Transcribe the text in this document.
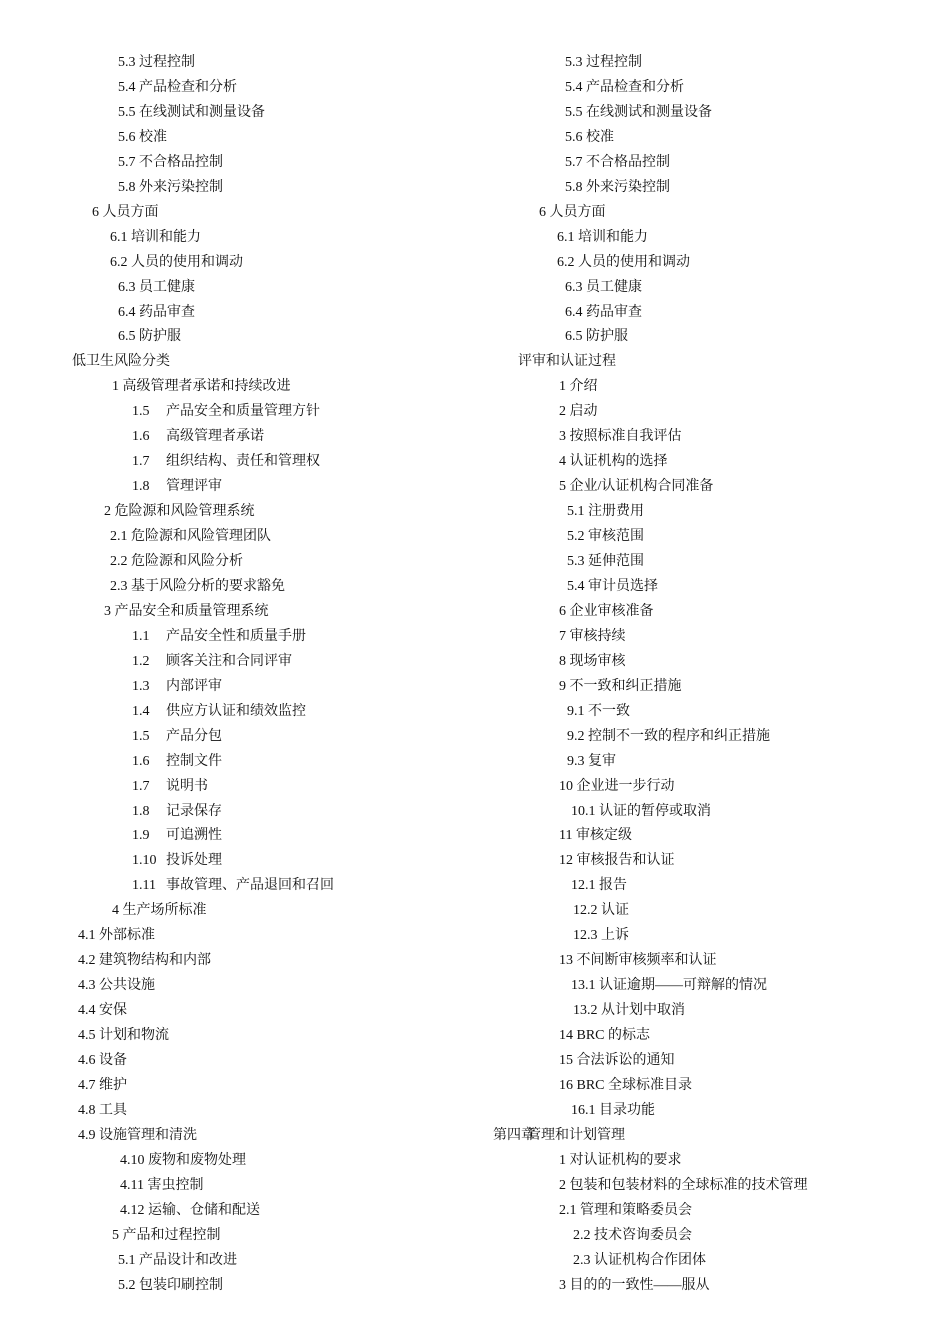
5.3 过程控制
5.4 产品检查和分析
5.5 在线测试和测量设备
5.6 校准
5.7 不合格品控制
5.8 外来污染控制
6 人员方面
6.1 培训和能力
6.2 人员的使用和调动
6.3 员工健康
6.4 药品审查
6.5 防护服
低卫生风险分类
1 高级管理者承诺和持续改进
1.5 产品安全和质量管理方针
1.6 高级管理者承诺
1.7 组织结构、责任和管理权
1.8 管理评审
2 危险源和风险管理系统
2.1 危险源和风险管理团队
2.2 危险源和风险分析
2.3 基于风险分析的要求豁免
3 产品安全和质量管理系统
1.1 产品安全性和质量手册
1.2 顾客关注和合同评审
1.3 内部评审
1.4 供应方认证和绩效监控
1.5 产品分包
1.6 控制文件
1.7 说明书
1.8 记录保存
1.9 可追溯性
1.10 投诉处理
1.11 事故管理、产品退回和召回
4 生产场所标准
4.1 外部标准
4.2 建筑物结构和内部
4.3 公共设施
4.4 安保
4.5 计划和物流
4.6 设备
4.7 维护
4.8 工具
4.9 设施管理和清洗
4.10 废物和废物处理
4.11 害虫控制
4.12 运输、仓储和配送
5 产品和过程控制
5.1 产品设计和改进
5.2 包装印刷控制
5.3 过程控制
5.4 产品检查和分析
5.5 在线测试和测量设备
5.6 校准
5.7 不合格品控制
5.8 外来污染控制
6 人员方面
6.1 培训和能力
6.2 人员的使用和调动
6.3 员工健康
6.4 药品审查
6.5 防护服
评审和认证过程
1 介绍
2 启动
3 按照标准自我评估
4 认证机构的选择
5 企业/认证机构合同准备
5.1 注册费用
5.2 审核范围
5.3 延伸范围
5.4 审计员选择
6 企业审核准备
7 审核持续
8 现场审核
9 不一致和纠正措施
9.1 不一致
9.2 控制不一致的程序和纠正措施
9.3 复审
10 企业进一步行动
10.1 认证的暂停或取消
11 审核定级
12 审核报告和认证
12.1 报告
12.2 认证
12.3 上诉
13 不间断审核频率和认证
13.1 认证逾期——可辩解的情况
13.2 从计划中取消
14 BRC 的标志
15 合法诉讼的通知
16 BRC 全球标准目录
16.1 目录功能
第四章管理和计划管理
1 对认证机构的要求
2 包装和包装材料的全球标准的技术管理
2.1 管理和策略委员会
2.2 技术咨询委员会
2.3 认证机构合作团体
3 目的的一致性——服从
